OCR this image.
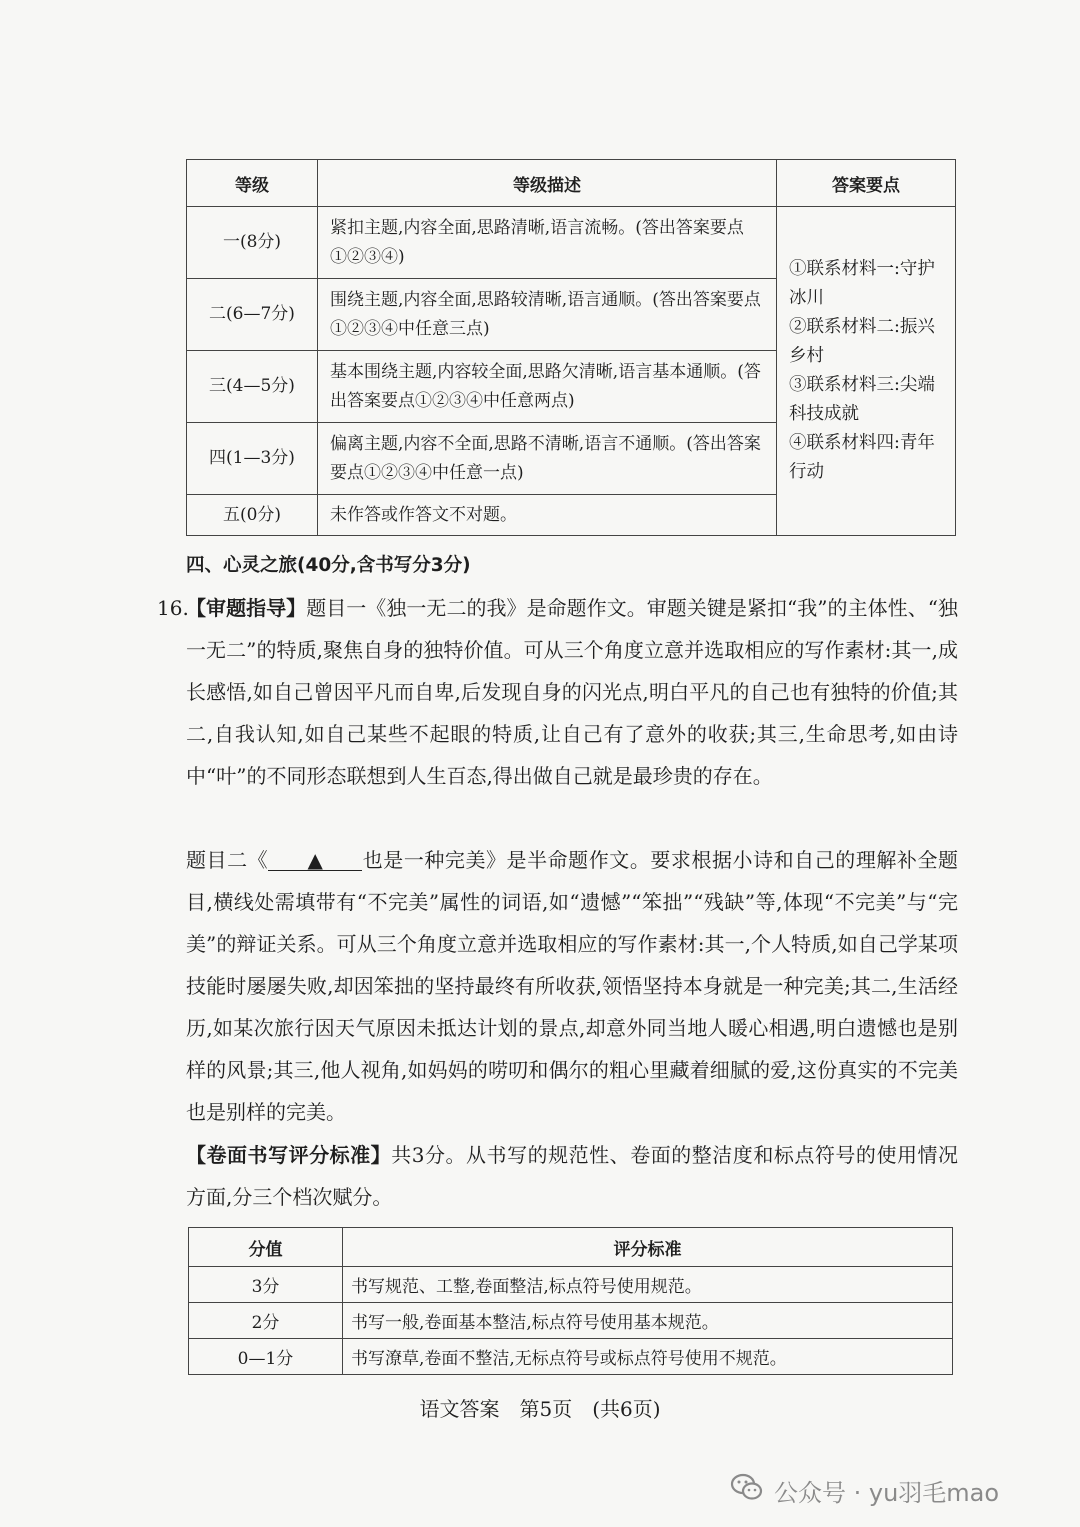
等级	等级描述	答案要点
一(8分)	紧扣主题,内容全面,思路清晰,语言流畅。(答出答案要点①②③④)	①联系材料一:守护冰川
②联系材料二:振兴乡村
③联系材料三:尖端科技成就
④联系材料四:青年行动

二(6—7分)	围绕主题,内容全面,思路较清晰,语言通顺。(答出答案要点①②③④中任意三点)	
三(4—5分)	基本围绕主题,内容较全面,思路欠清晰,语言基本通顺。(答出答案要点①②③④中任意两点)	
四(1—3分)	偏离主题,内容不全面,思路不清晰,语言不通顺。(答出答案要点①②③④中任意一点)	
五(0分)	未作答或作答文不对题。	
四、心灵之旅(40分,含书写分3分)
16.
【审题指导】题目一《独一无二的我》是命题作文。审题关键是紧扣“我”的主体性、“独一无二”的特质,聚焦自身的独特价值。可从三个角度立意并选取相应的写作素材:其一,成长感悟,如自己曾因平凡而自卑,后发现自身的闪光点,明白平凡的自己也有独特的价值;其二,自我认知,如自己某些不起眼的特质,让自己有了意外的收获;其三,生命思考,如由诗中“叶”的不同形态联想到人生百态,得出做自己就是最珍贵的存在。
题目二《 ▲ 也是一种完美》是半命题作文。要求根据小诗和自己的理解补全题目,横线处需填带有“不完美”属性的词语,如“遗憾”“笨拙”“残缺”等,体现“不完美”与“完美”的辩证关系。可从三个角度立意并选取相应的写作素材:其一,个人特质,如自己学某项技能时屡屡失败,却因笨拙的坚持最终有所收获,领悟坚持本身就是一种完美;其二,生活经历,如某次旅行因天气原因未抵达计划的景点,却意外同当地人暖心相遇,明白遗憾也是别样的风景;其三,他人视角,如妈妈的唠叨和偶尔的粗心里藏着细腻的爱,这份真实的不完美也是别样的完美。
【卷面书写评分标准】共3分。从书写的规范性、卷面的整洁度和标点符号的使用情况方面,分三个档次赋分。
分值	评分标准
3分	书写规范、工整,卷面整洁,标点符号使用规范。
2分	书写一般,卷面基本整洁,标点符号使用基本规范。
0—1分	书写潦草,卷面不整洁,无标点符号或标点符号使用不规范。
语文答案　第5页　(共6页)
公众号 · yu羽毛mao
